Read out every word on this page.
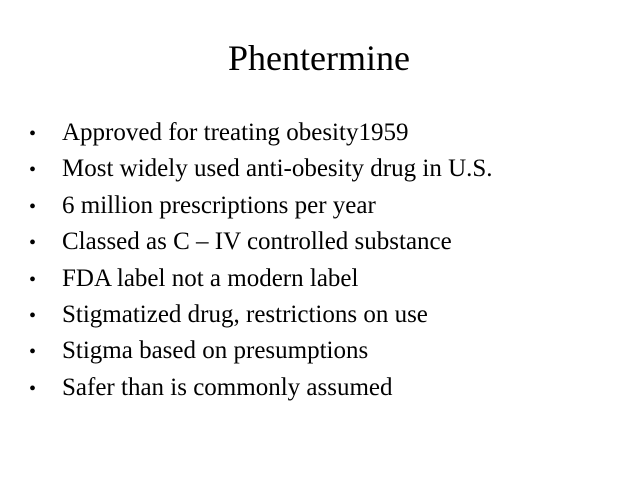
Phentermine
•	Approved for treating obesity1959
•	Most widely used anti-obesity drug in U.S.
•	6 million prescriptions per year
•	Classed as C – IV controlled substance
•	FDA label not a modern label
•	Stigmatized drug, restrictions on use
•	Stigma based on presumptions
•	Safer than is commonly assumed
